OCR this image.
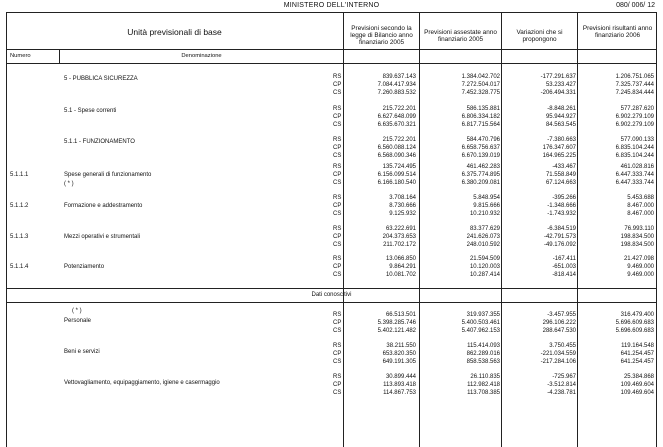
MINISTERO DELL'INTERNO	080/ 006/ 12
Unità previsionali di base
Numero	Denominazione
Previsioni secondo la legge di Bilancio anno finanziario 2005
Previsioni assestate anno finanziario 2005
Variazioni che si propongono
Previsioni risultanti anno finanziario 2006
Dati conoscitivi
5 - PUBBLICA SICUREZZA	RS	839.637.143	1.384.042.702	-177.291.637	1.206.751.065
CP	7.084.417.934	7.272.504.017	53.233.427	7.325.737.444
CS	7.260.883.532	7.452.328.775	-206.494.331	7.245.834.444
5.1 - Spese correnti	RS	215.722.201	586.135.881	-8.848.261	577.287.620
CP	6.627.648.099	6.806.334.182	95.944.927	6.902.279.109
CS	6.635.670.321	6.817.715.564	84.563.545	6.902.279.109
5.1.1 - FUNZIONAMENTO	RS	215.722.201	584.470.796	-7.380.663	577.090.133
CP	6.560.088.124	6.658.756.637	176.347.607	6.835.104.244
CS	6.568.090.346	6.670.139.019	164.965.225	6.835.104.244
5.1.1.1	Spese generali di funzionamento
( * )
RS	135.724.495	461.462.283	-433.467	461.028.816
CP	6.156.099.514	6.375.774.895	71.558.849	6.447.333.744
CS	6.166.180.540	6.380.209.081	67.124.663	6.447.333.744
5.1.1.2	Formazione e addestramento
RS	3.708.164	5.848.954	-395.266	5.453.688
CP	8.730.666	9.815.666	-1.348.666	8.467.000
CS	9.125.932	10.210.932	-1.743.932	8.467.000
5.1.1.3	Mezzi operativi e strumentali
RS	63.222.691	83.377.629	-6.384.519	76.993.110
CP	204.373.653	241.626.073	-42.791.573	198.834.500
CS	211.702.172	248.010.592	-49.176.092	198.834.500
5.1.1.4	Potenziamento
RS	13.066.850	21.594.509	-167.411	21.427.098
CP	9.864.291	10.120.003	-651.003	9.469.000
CS	10.081.702	10.287.414	-818.414	9.469.000
( * )
Personale
RS	66.513.501	319.937.355	-3.457.955	316.479.400
CP	5.398.285.746	5.400.503.461	296.106.222	5.696.609.683
CS	5.402.121.482	5.407.962.153	288.647.530	5.696.609.683
Beni e servizi
RS	38.211.550	115.414.093	3.750.455	119.164.548
CP	653.820.350	862.289.016	-221.034.559	641.254.457
CS	649.191.305	858.538.563	-217.284.106	641.254.457
Vettovagliamento, equipaggiamento, igiene e casermaggio
RS	30.899.444	26.110.835	-725.967	25.384.868
CP	113.893.418	112.982.418	-3.512.814	109.469.604
CS	114.867.753	113.708.385	-4.238.781	109.469.604
